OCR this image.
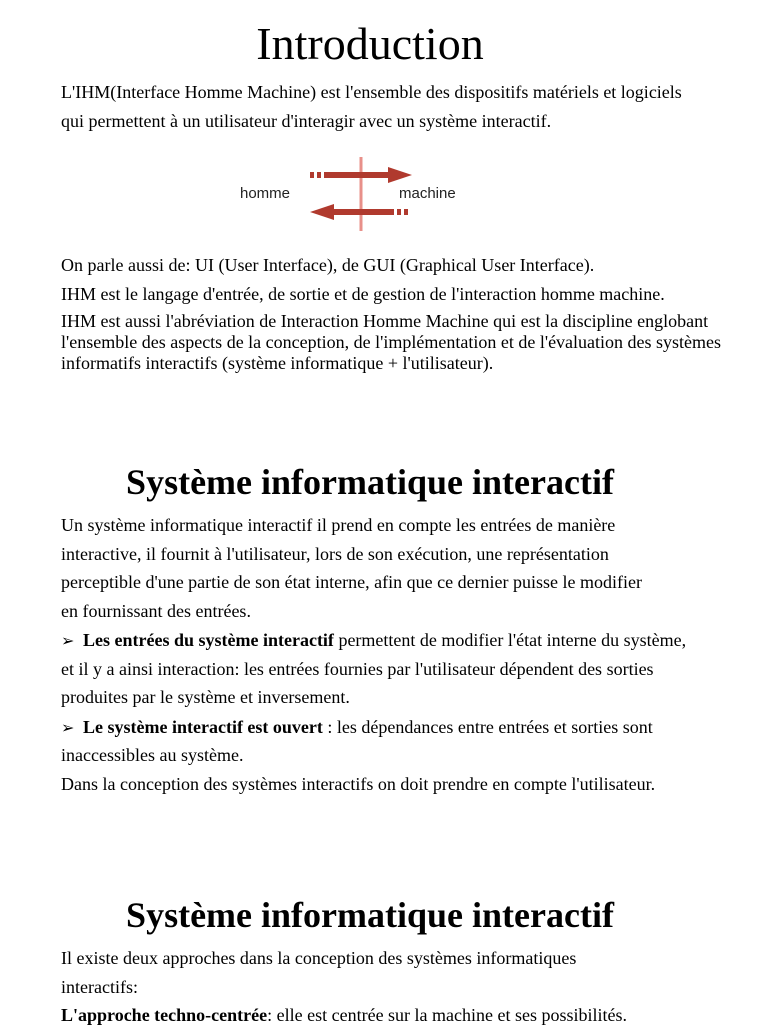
Introduction

L'IHM(Interface Homme Machine) est l'ensemble des dispositifs matériels et logiciels

qui permettent à un utilisateur d'interagir avec un système interactif.

homme	machine

On parle aussi de: UI (User Interface), de GUI (Graphical User Interface).

IHM est le langage d'entrée, de sortie et de gestion de l'interaction homme machine.

IHM est aussi l'abréviation de Interaction Homme Machine qui est la discipline englobant l'ensemble des aspects de la conception, de l'implémentation et de l'évaluation des systèmes informatifs interactifs (système informatique + l'utilisateur).

Système informatique interactif

Un système informatique interactif il prend en compte les entrées de manière

interactive, il fournit à l'utilisateur, lors de son exécution, une représentation

perceptible d'une partie de son état interne, afin que ce dernier puisse le modifier

en fournissant des entrées.

➢ Les entrées du système interactif permettent de modifier l'état interne du système,

et il y a ainsi interaction: les entrées fournies par l'utilisateur dépendent des sorties

produites par le système et inversement.

➢ Le système interactif est ouvert : les dépendances entre entrées et sorties sont

inaccessibles au système.

Dans la conception des systèmes interactifs on doit prendre en compte l'utilisateur.

Système informatique interactif

Il existe deux approches dans la conception des systèmes informatiques

interactifs:

L'approche techno-centrée: elle est centrée sur la machine et ses possibilités.
